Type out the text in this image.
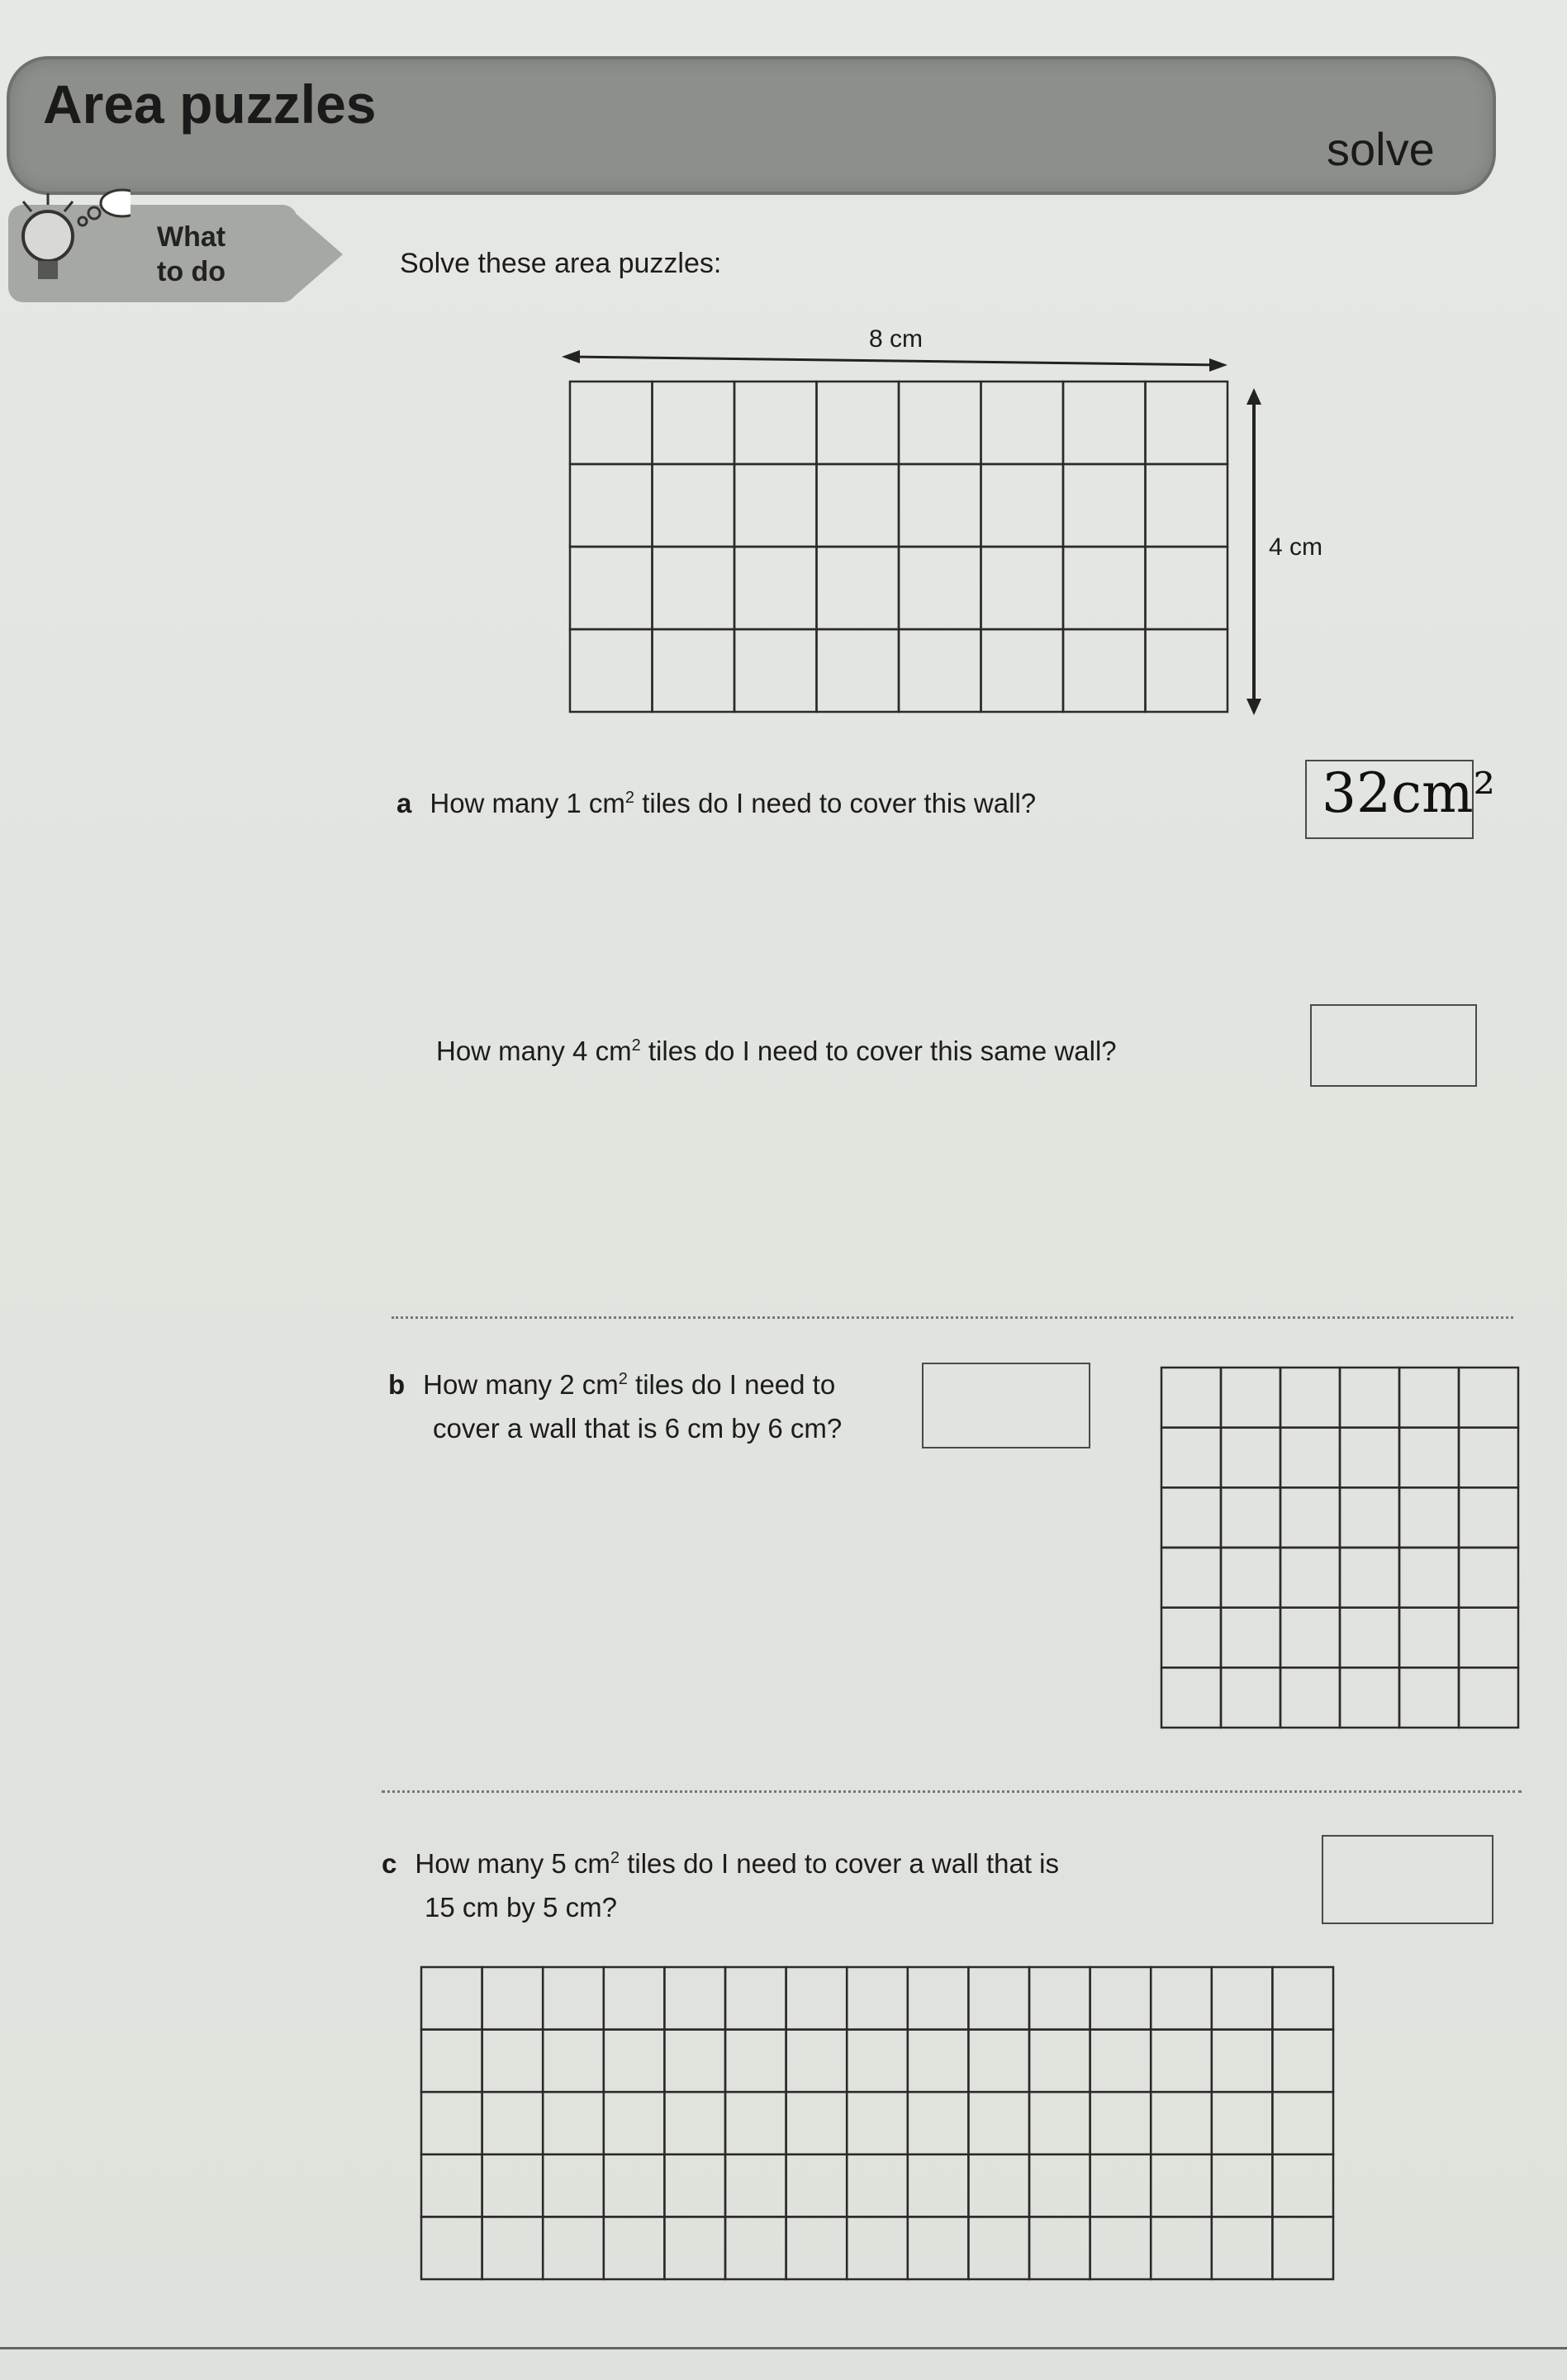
Area puzzles
solve
What
to do	Solve these area puzzles:
8 cm
4 cm
a How many 1 $cm^2$ tiles do I need to cover this wall?	32cm²
How many 4 $cm^2$ tiles do I need to cover this same wall?
b How many 2 $cm^2$ tiles do I need to
cover a wall that is 6 cm by 6 cm?
c How many 5 $cm^2$ tiles do I need to cover a wall that is
15 cm by 5 cm?
